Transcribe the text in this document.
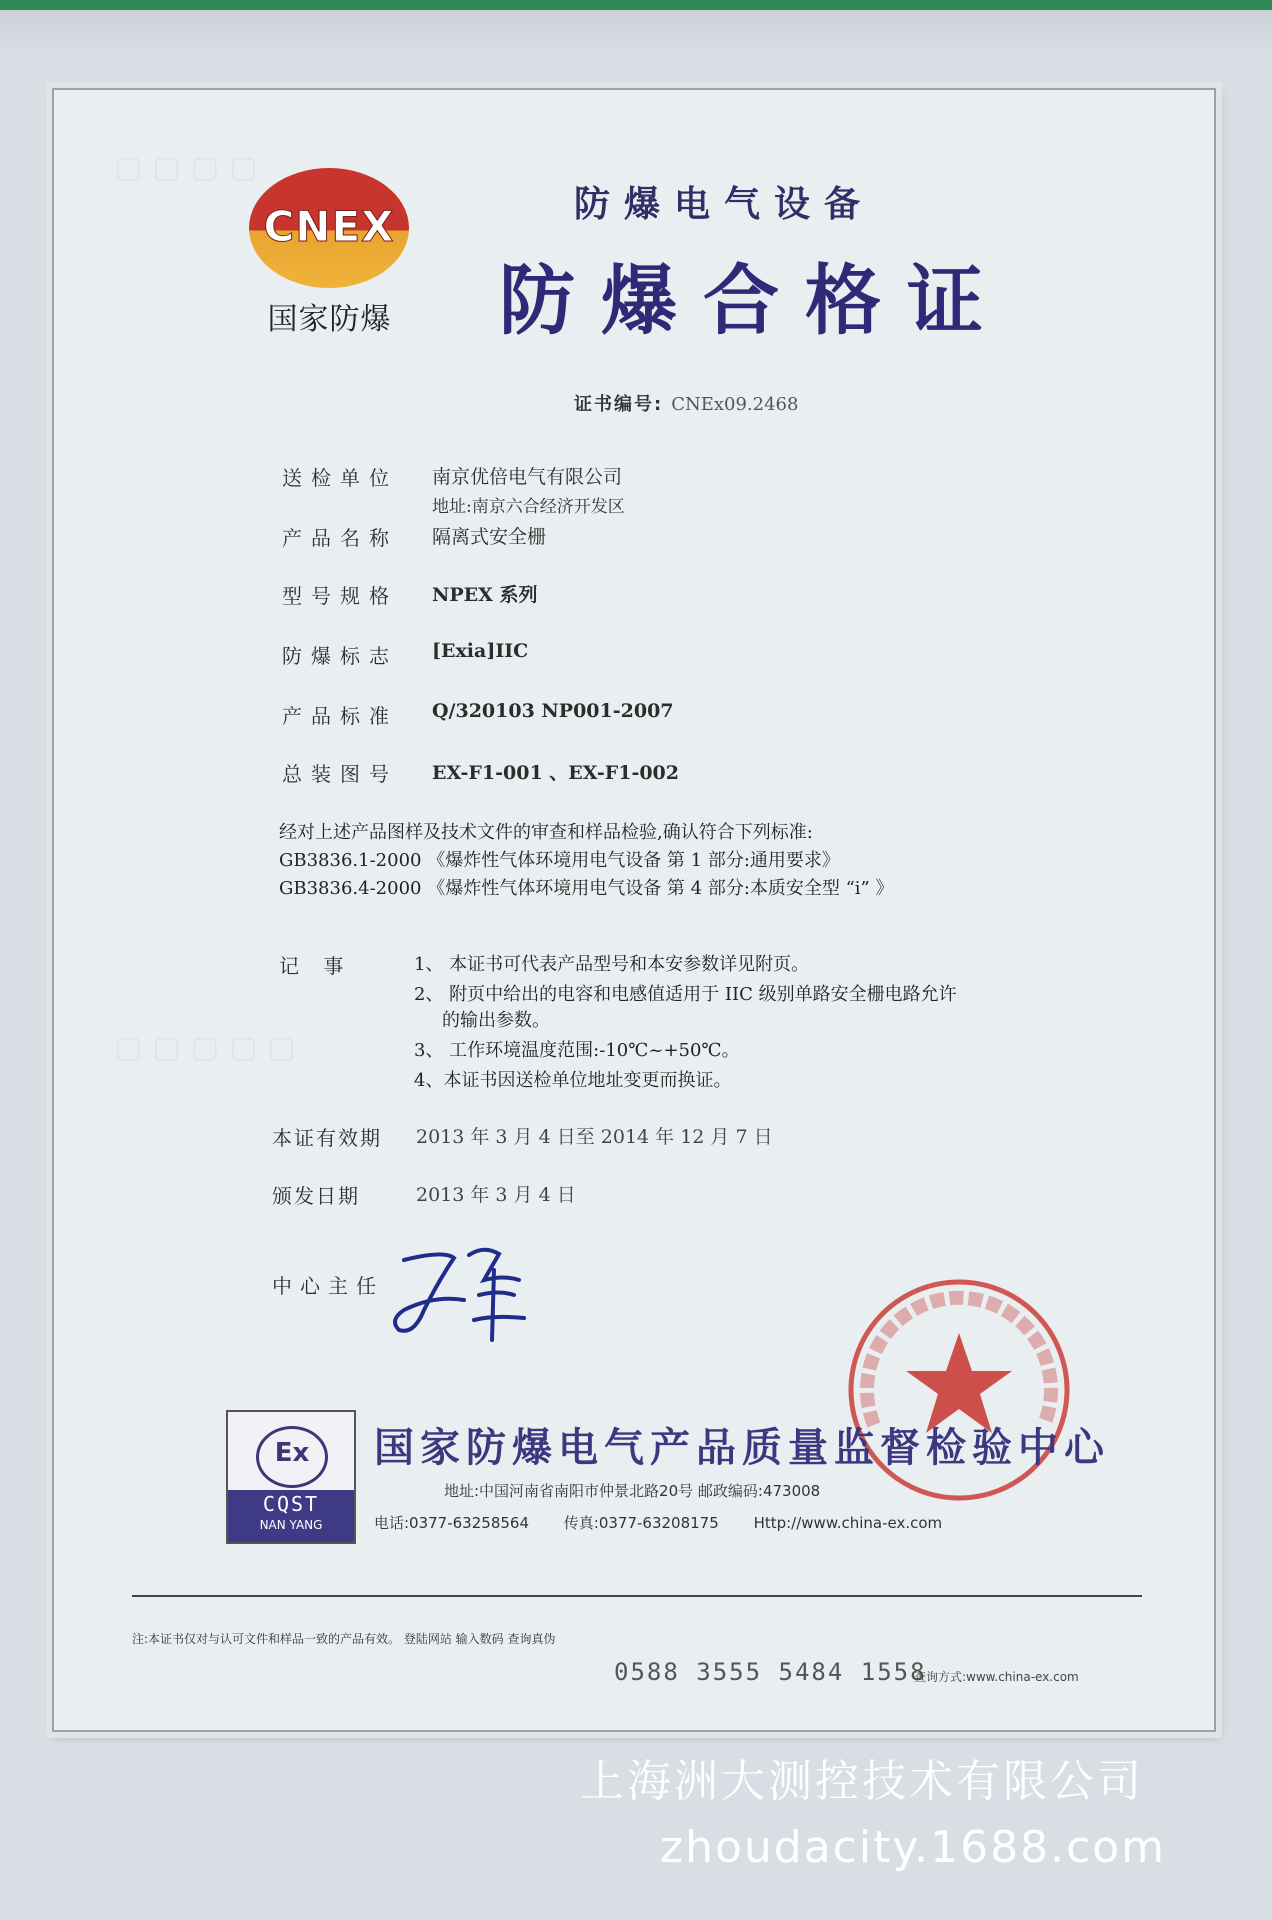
▢▢▢▢
▢▢▢▢▢
CNEX
国家防爆
防爆电气设备
防爆合格证
证书编号: CNEx09.2468
送检单位 南京优倍电气有限公司
地址:南京六合经济开发区
产品名称 隔离式安全栅
型号规格 NPEX 系列
防爆标志 [Exia]IIC
产品标准 Q/320103 NP001-2007
总装图号 EX-F1-001 、EX-F1-002
经对上述产品图样及技术文件的审查和样品检验,确认符合下列标准:
GB3836.1-2000 《爆炸性气体环境用电气设备 第 1 部分:通用要求》
GB3836.4-2000 《爆炸性气体环境用电气设备 第 4 部分:本质安全型 “i” 》
记 事	1、 本证书可代表产品型号和本安参数详见附页。
2、 附页中给出的电容和电感值适用于 IIC 级别单路安全栅电路允许
的输出参数。
3、 工作环境温度范围:-10℃~+50℃。
4、本证书因送检单位地址变更而换证。
本证有效期 2013 年 3 月 4 日至 2014 年 12 月 7 日
颁发日期	2013 年 3 月 4 日
中心主任
Ex
CQST
NAN YANG
国家防爆电气产品质量监督检验中心
地址:中国河南省南阳市仲景北路20号 邮政编码:473008
电话:0377-63258564 传真:0377-63208175 Http://www.china-ex.com
注:本证书仅对与认可文件和样品一致的产品有效。 登陆网站 输入数码 查询真伪
0588 3555 5484 1558
查询方式:www.china-ex.com
上海洲大测控技术有限公司
zhoudacity.1688.com
